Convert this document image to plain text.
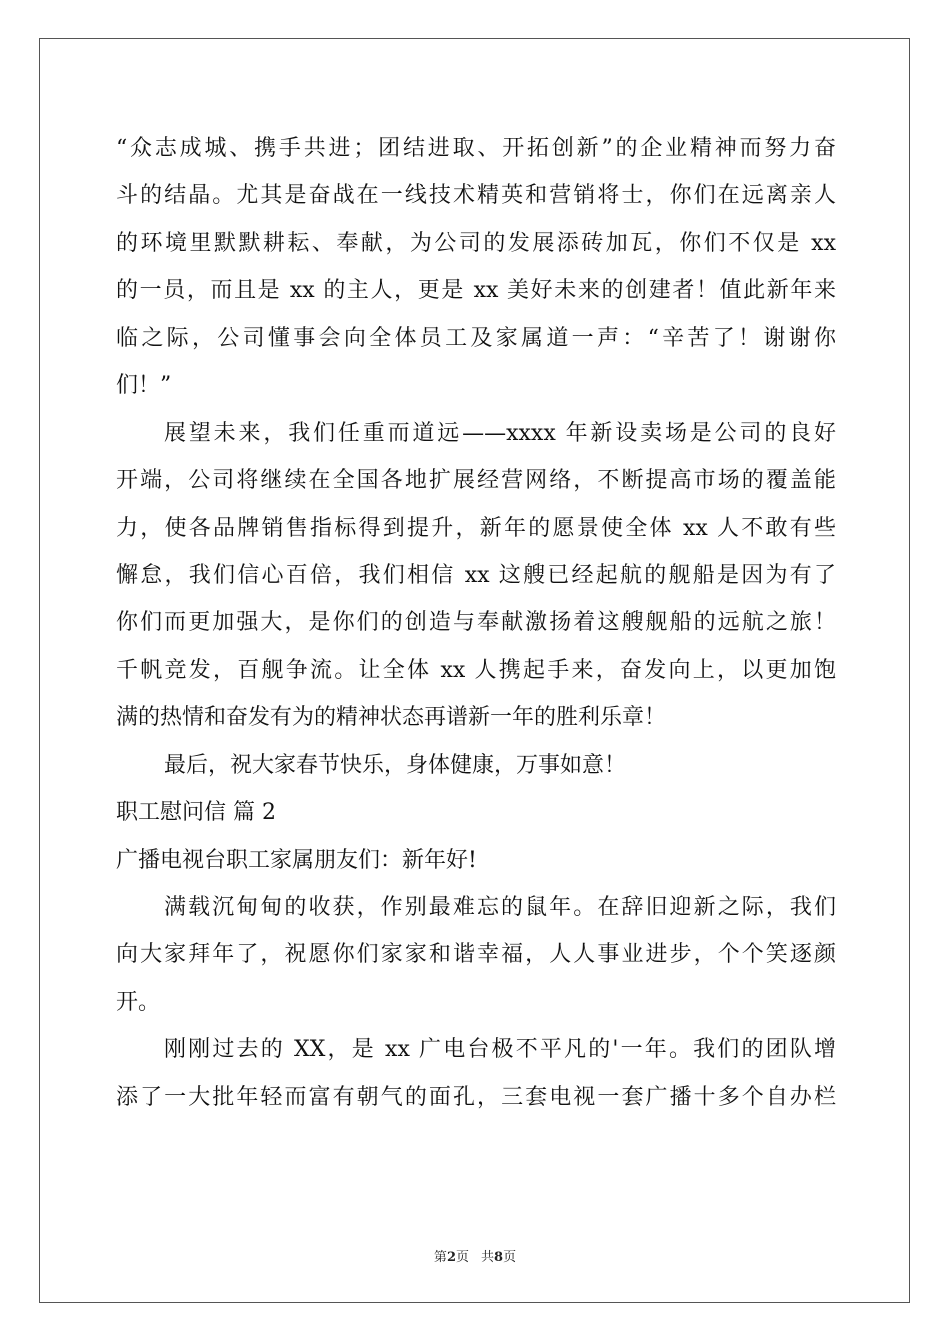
“众志成城、携手共进；团结进取、开拓创新”的企业精神而努力奋
斗的结晶。尤其是奋战在一线技术精英和营销将士，你们在远离亲人
的环境里默默耕耘、奉献，为公司的发展添砖加瓦，你们不仅是 xx
的一员，而且是 xx 的主人，更是 xx 美好未来的创建者！值此新年来
临之际，公司懂事会向全体员工及家属道一声：“辛苦了！谢谢你
们！”
展望未来，我们任重而道远——xxxx 年新设卖场是公司的良好
开端，公司将继续在全国各地扩展经营网络，不断提高市场的覆盖能
力，使各品牌销售指标得到提升，新年的愿景使全体 xx 人不敢有些
懈怠，我们信心百倍，我们相信 xx 这艘已经起航的舰船是因为有了
你们而更加强大，是你们的创造与奉献激扬着这艘舰船的远航之旅！
千帆竞发，百舰争流。让全体 xx 人携起手来，奋发向上，以更加饱
满的热情和奋发有为的精神状态再谱新一年的胜利乐章！
最后，祝大家春节快乐，身体健康，万事如意！
职工慰问信 篇 2
广播电视台职工家属朋友们：新年好!
满载沉甸甸的收获，作别最难忘的鼠年。在辞旧迎新之际，我们
向大家拜年了，祝愿你们家家和谐幸福，人人事业进步，个个笑逐颜
开。
刚刚过去的 XX，是 xx 广电台极不平凡的'一年。我们的团队增
添了一大批年轻而富有朝气的面孔，三套电视一套广播十多个自办栏
第2页 共8页
